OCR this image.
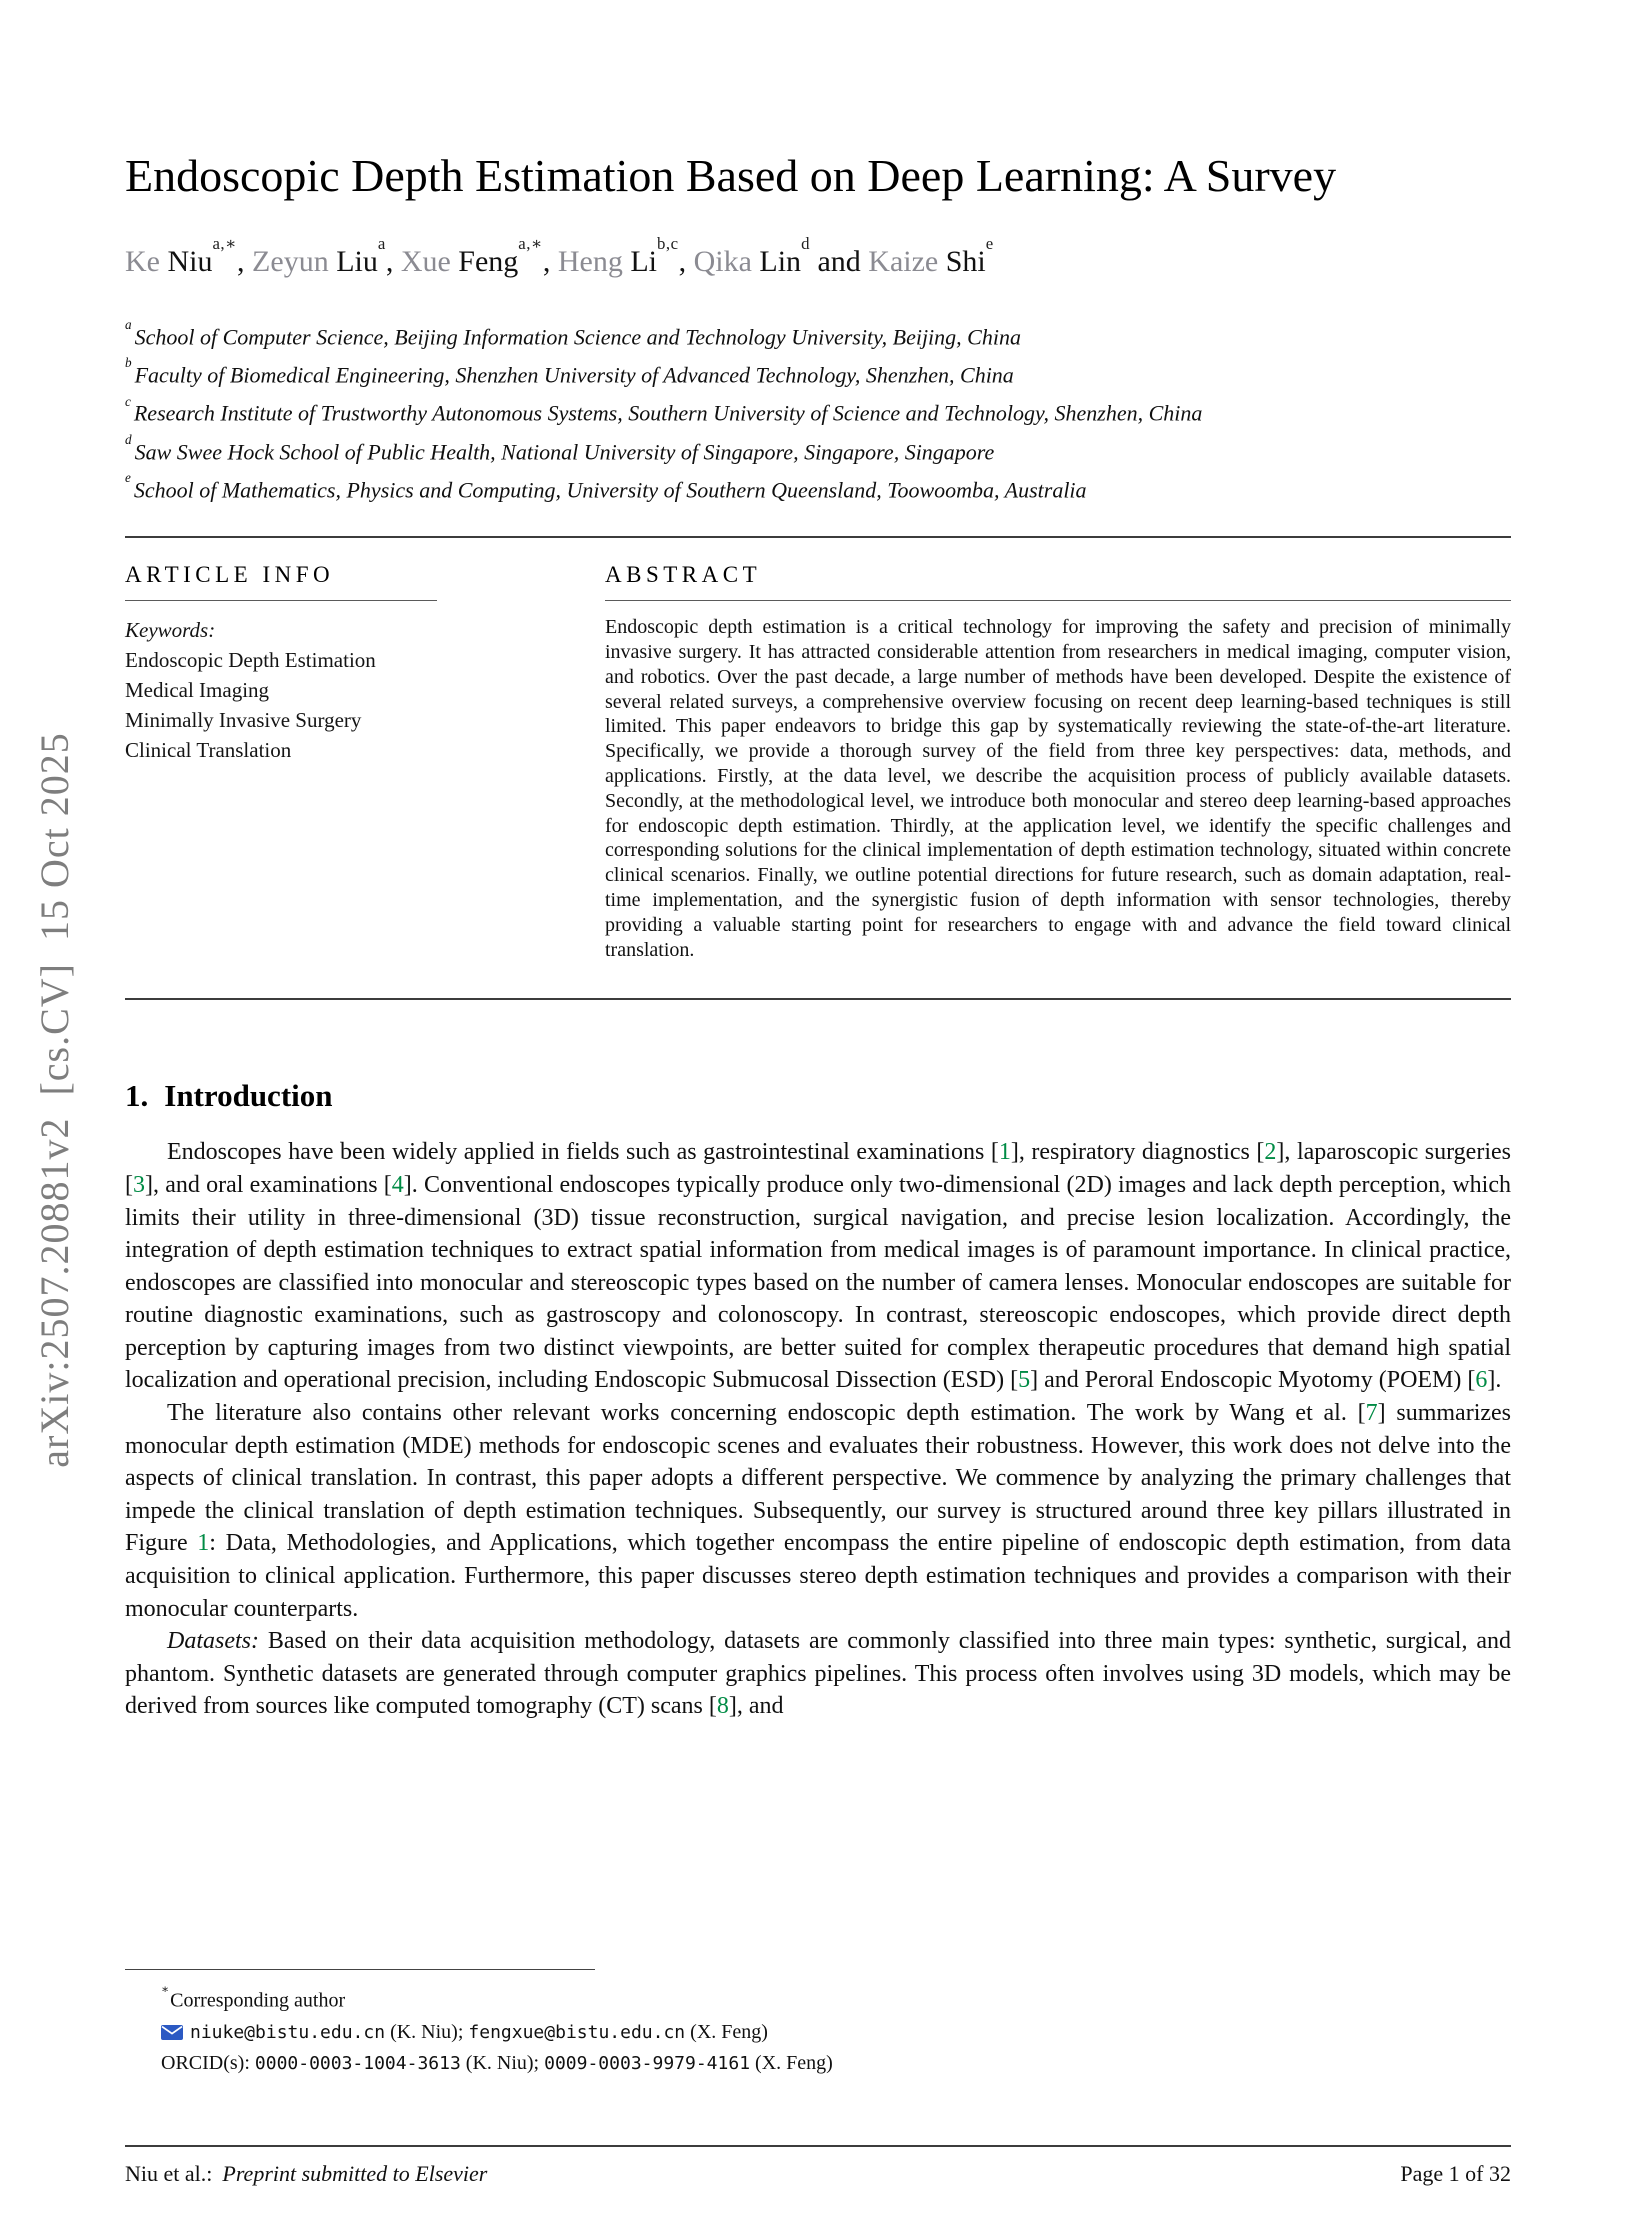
arXiv:2507.20881v2  [cs.CV]  15 Oct 2025
Endoscopic Depth Estimation Based on Deep Learning: A Survey
Ke Niu$^{a,∗}$, Zeyun Liu$^a$, Xue Feng$^{a,∗}$, Heng Li$^{b,c}$, Qika Lin$^d$ and Kaize Shi$^e$
$^a$ School of Computer Science, Beijing Information Science and Technology University, Beijing, China
$^b$ Faculty of Biomedical Engineering, Shenzhen University of Advanced Technology, Shenzhen, China
$^c$ Research Institute of Trustworthy Autonomous Systems, Southern University of Science and Technology, Shenzhen, China
$^d$ Saw Swee Hock School of Public Health, National University of Singapore, Singapore, Singapore
$^e$ School of Mathematics, Physics and Computing, University of Southern Queensland, Toowoomba, Australia
ARTICLE INFO
Keywords:
Endoscopic Depth Estimation
Medical Imaging
Minimally Invasive Surgery
Clinical Translation
ABSTRACT

Endoscopic depth estimation is a critical technology for improving the safety and precision of minimally invasive surgery. It has attracted considerable attention from researchers in medical imaging, computer vision, and robotics. Over the past decade, a large number of methods have been developed. Despite the existence of several related surveys, a comprehensive overview focusing on recent deep learning-based techniques is still limited. This paper endeavors to bridge this gap by systematically reviewing the state-of-the-art literature. Specifically, we provide a thorough survey of the field from three key perspectives: data, methods, and applications. Firstly, at the data level, we describe the acquisition process of publicly available datasets. Secondly, at the methodological level, we introduce both monocular and stereo deep learning-based approaches for endoscopic depth estimation. Thirdly, at the application level, we identify the specific challenges and corresponding solutions for the clinical implementation of depth estimation technology, situated within concrete clinical scenarios. Finally, we outline potential directions for future research, such as domain adaptation, real-time implementation, and the synergistic fusion of depth information with sensor technologies, thereby providing a valuable starting point for researchers to engage with and advance the field toward clinical translation.

1. Introduction

Endoscopes have been widely applied in fields such as gastrointestinal examinations [1], respiratory diagnostics [2], laparoscopic surgeries [3], and oral examinations [4]. Conventional endoscopes typically produce only two-dimensional (2D) images and lack depth perception, which limits their utility in three-dimensional (3D) tissue reconstruction, surgical navigation, and precise lesion localization. Accordingly, the integration of depth estimation techniques to extract spatial information from medical images is of paramount importance. In clinical practice, endoscopes are classified into monocular and stereoscopic types based on the number of camera lenses. Monocular endoscopes are suitable for routine diagnostic examinations, such as gastroscopy and colonoscopy. In contrast, stereoscopic endoscopes, which provide direct depth perception by capturing images from two distinct viewpoints, are better suited for complex therapeutic procedures that demand high spatial localization and operational precision, including Endoscopic Submucosal Dissection (ESD) [5] and Peroral Endoscopic Myotomy (POEM) [6].

The literature also contains other relevant works concerning endoscopic depth estimation. The work by Wang et al. [7] summarizes monocular depth estimation (MDE) methods for endoscopic scenes and evaluates their robustness. However, this work does not delve into the aspects of clinical translation. In contrast, this paper adopts a different perspective. We commence by analyzing the primary challenges that impede the clinical translation of depth estimation techniques. Subsequently, our survey is structured around three key pillars illustrated in Figure 1: Data, Methodologies, and Applications, which together encompass the entire pipeline of endoscopic depth estimation, from data acquisition to clinical application. Furthermore, this paper discusses stereo depth estimation techniques and provides a comparison with their monocular counterparts.

Datasets: Based on their data acquisition methodology, datasets are commonly classified into three main types: synthetic, surgical, and phantom. Synthetic datasets are generated through computer graphics pipelines. This process often involves using 3D models, which may be derived from sources like computed tomography (CT) scans [8], and

∗Corresponding author
niuke@bistu.edu.cn (K. Niu); fengxue@bistu.edu.cn (X. Feng)
ORCID(s): 0000-0003-1004-3613 (K. Niu); 0009-0003-9979-4161 (X. Feng)
Niu et al.: Preprint submitted to Elsevier	Page 1 of 32
